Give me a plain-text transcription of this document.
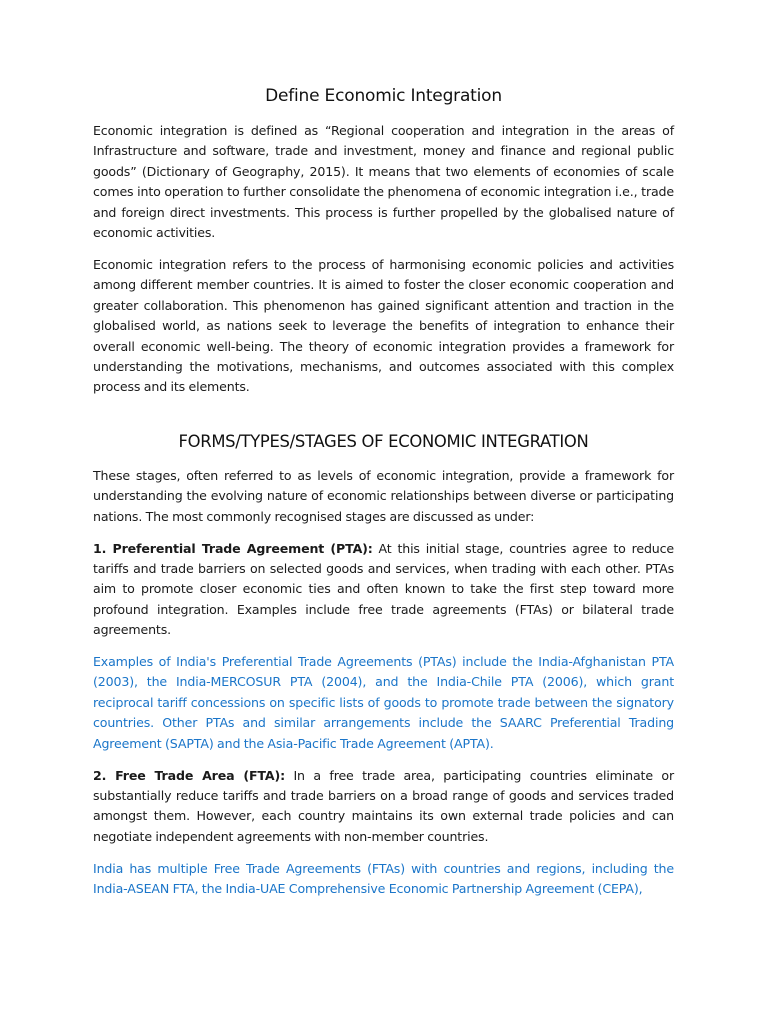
Define Economic Integration

Economic integration is defined as “Regional cooperation and integration in the areas of Infrastructure and software, trade and investment, money and finance and regional public goods” (Dictionary of Geography, 2015). It means that two elements of economies of scale comes into operation to further consolidate the phenomena of economic integration i.e., trade and foreign direct investments. This process is further propelled by the globalised nature of economic activities.

Economic integration refers to the process of harmonising economic policies and activities among different member countries. It is aimed to foster the closer economic cooperation and greater collaboration. This phenomenon has gained significant attention and traction in the globalised world, as nations seek to leverage the benefits of integration to enhance their overall economic well-being. The theory of economic integration provides a framework for understanding the motivations, mechanisms, and outcomes associated with this complex process and its elements.

FORMS/TYPES/STAGES OF ECONOMIC INTEGRATION

These stages, often referred to as levels of economic integration, provide a framework for understanding the evolving nature of economic relationships between diverse or participating nations. The most commonly recognised stages are discussed as under:

1. Preferential Trade Agreement (PTA): At this initial stage, countries agree to reduce tariffs and trade barriers on selected goods and services, when trading with each other. PTAs aim to promote closer economic ties and often known to take the first step toward more profound integration. Examples include free trade agreements (FTAs) or bilateral trade agreements.

Examples of India's Preferential Trade Agreements (PTAs) include the India-Afghanistan PTA (2003), the India-MERCOSUR PTA (2004), and the India-Chile PTA (2006), which grant reciprocal tariff concessions on specific lists of goods to promote trade between the signatory countries. Other PTAs and similar arrangements include the SAARC Preferential Trading Agreement (SAPTA) and the Asia-Pacific Trade Agreement (APTA).

2. Free Trade Area (FTA): In a free trade area, participating countries eliminate or substantially reduce tariffs and trade barriers on a broad range of goods and services traded amongst them. However, each country maintains its own external trade policies and can negotiate independent agreements with non-member countries.

India has multiple Free Trade Agreements (FTAs) with countries and regions, including the India-ASEAN FTA, the India-UAE Comprehensive Economic Partnership Agreement (CEPA),
